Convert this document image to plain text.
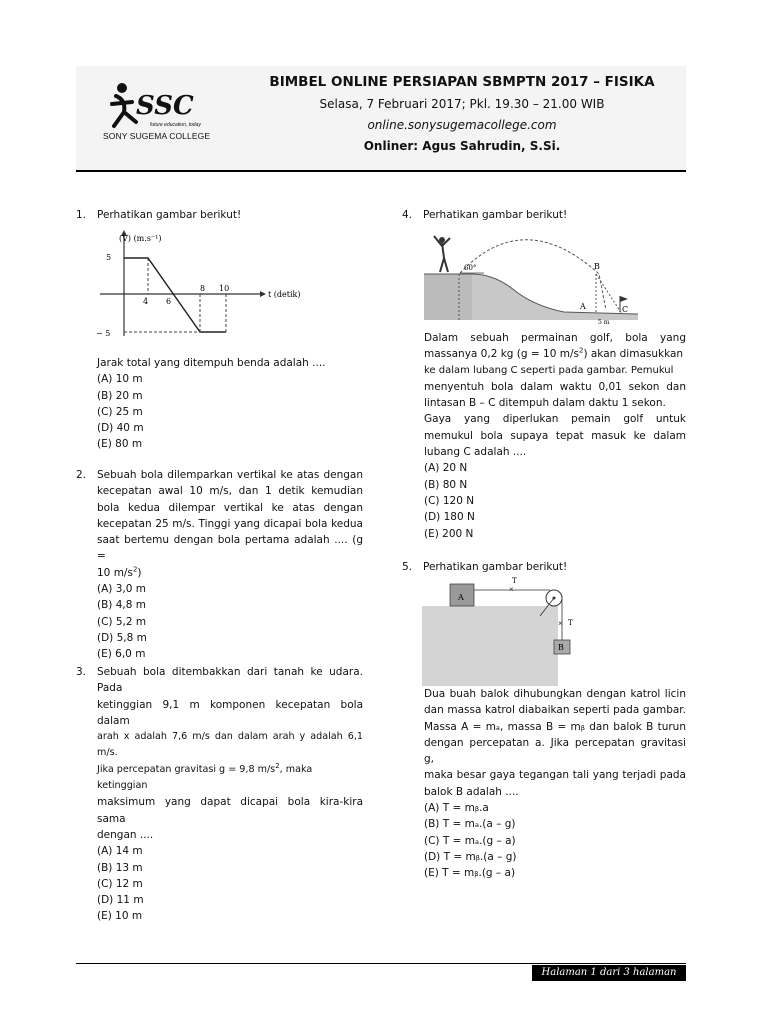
SSC
future education, today
SONY SUGEMA COLLEGE
BIMBEL ONLINE PERSIAPAN SBMPTN 2017 – FISIKA
Selasa, 7 Februari 2017; Pkl. 19.30 – 21.00 WIB
online.sonysugemacollege.com
Onliner: Agus Sahrudin, S.Si.
1. Perhatikan gambar berikut!
(V) (m.s⁻¹)
t (detik)
5
− 5
4 6
8 10
Jarak total yang ditempuh benda adalah ....
(A) 10 m
(B) 20 m
(C) 25 m
(D) 40 m
(E) 80 m
2. Sebuah bola dilemparkan vertikal ke atas dengan
kecepatan awal 10 m/s, dan 1 detik kemudian
bola kedua dilempar vertikal ke atas dengan
kecepatan 25 m/s. Tinggi yang dicapai bola kedua
saat bertemu dengan bola pertama adalah .... (g =
10 $m/s^2$)
(A) 3,0 m
(B) 4,8 m
(C) 5,2 m
(D) 5,8 m
(E) 6,0 m
3. Sebuah bola ditembakkan dari tanah ke udara. Pada
ketinggian 9,1 m komponen kecepatan bola dalam
arah x adalah 7,6 m/s dan dalam arah y adalah 6,1 m/s.
Jika percepatan gravitasi g = 9,8 $m/s^2$, maka ketinggian
maksimum yang dapat dicapai bola kira-kira sama
dengan ....
(A) 14 m
(B) 13 m
(C) 12 m
(D) 11 m
(E) 10 m
4. Perhatikan gambar berikut!
60°	B
A	C
5 m
Dalam sebuah permainan golf, bola yang
massanya 0,2 kg (g = 10 $m/s^2$) akan dimasukkan
ke dalam lubang C seperti pada gambar. Pemukul
menyentuh bola dalam waktu 0,01 sekon dan
lintasan B – C ditempuh dalam daktu 1 sekon.
Gaya yang diperlukan pemain golf untuk
memukul bola supaya tepat masuk ke dalam
lubang C adalah ....
(A) 20 N
(B) 80 N
(C) 120 N
(D) 180 N
(E) 200 N
5. Perhatikan gambar berikut!
A
T
×
× T
B
Dua buah balok dihubungkan dengan katrol licin
dan massa katrol diabaikan seperti pada gambar.
Massa A = mₐ, massa B = mᵦ dan balok B turun
dengan percepatan a. Jika percepatan gravitasi g,
maka besar gaya tegangan tali yang terjadi pada
balok B adalah ....
(A) T = mᵦ.a
(B) T = mₐ.(a – g)
(C) T = mₐ.(g – a)
(D) T = mᵦ.(a – g)
(E) T = mᵦ.(g – a)
Halaman 1 dari 3 halaman
